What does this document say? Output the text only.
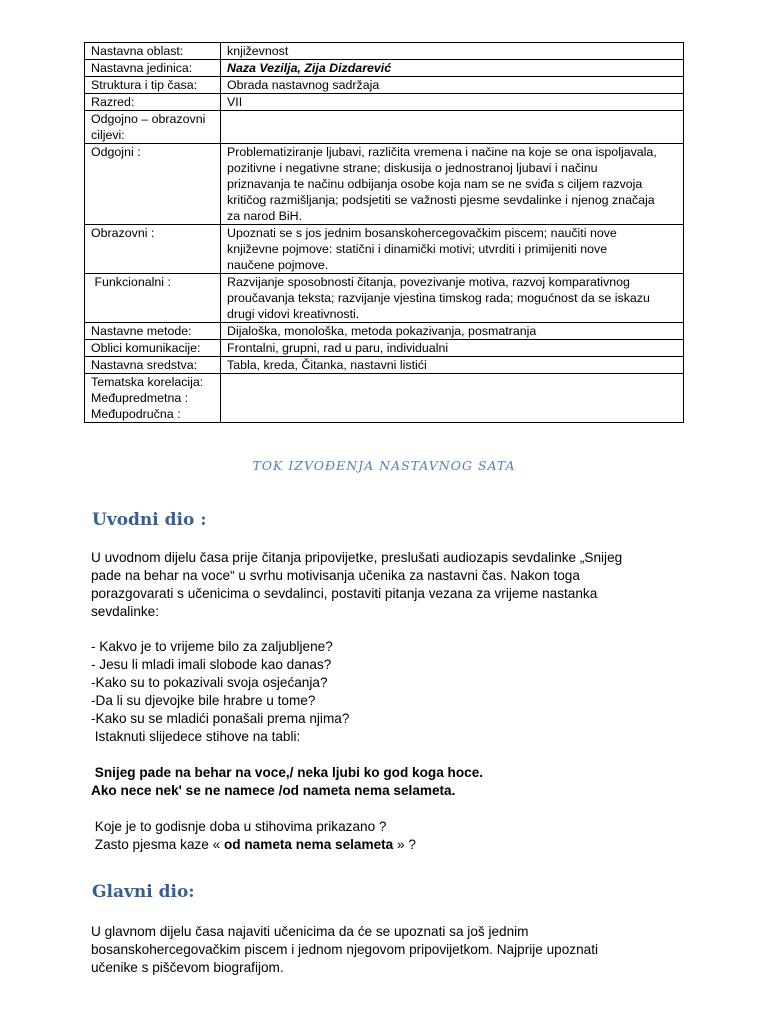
Nastavna oblast:	književnost
Nastavna jedinica:	Naza Vezilja, Zija Dizdarević
Struktura i tip časa:	Obrada nastavnog sadržaja
Razred:	VII
Odgojno – obrazovni
ciljevi:	
Odgojni :	Problematiziranje ljubavi, različita vremena i načine na koje se ona ispoljavala,
pozitivne i negativne strane; diskusija o jednostranoj ljubavi i načinu
priznavanja te načinu odbijanja osobe koja nam se ne sviđa s ciljem razvoja
kritičog razmišljanja; podsjetiti se važnosti pjesme sevdalinke i njenog značaja
za narod BiH.
Obrazovni :	Upoznati se s jos jednim bosanskohercegovačkim piscem; naučiti nove
književne pojmove: statični i dinamički motivi; utvrditi i primijeniti nove
naučene pojmove.
Funkcionalni :	Razvijanje sposobnosti čitanja, povezivanje motiva, razvoj komparativnog
proučavanja teksta; razvijanje vjestina timskog rada; mogućnost da se iskazu
drugi vidovi kreativnosti.
Nastavne metode:	Dijaloška, monološka, metoda pokazivanja, posmatranja
Oblici komunikacije:	Frontalni, grupni, rad u paru, individualni
Nastavna sredstva:	Tabla, kreda, Čitanka, nastavni listići
Tematska korelacija:
Međupredmetna :
Međupodručna :	
TOK IZVOĐENJA NASTAVNOG SATA
Uvodni dio :
U uvodnom dijelu časa prije čitanja pripovijetke, preslušati audiozapis sevdalinke „Snijeg
pade na behar na voce“ u svrhu motivisanja učenika za nastavni čas. Nakon toga
porazgovarati s učenicima o sevdalinci, postaviti pitanja vezana za vrijeme nastanka
sevdalinke:
- Kakvo je to vrijeme bilo za zaljubljene?
- Jesu li mladi imali slobode kao danas?
-Kako su to pokazivali svoja osjećanja?
-Da li su djevojke bile hrabre u tome?
-Kako su se mladići ponašali prema njima?
Istaknuti slijedece stihove na tabli:
Snijeg pade na behar na voce,/ neka ljubi ko god koga hoce.
Ako nece nek' se ne namece /od nameta nema selameta.
Koje je to godisnje doba u stihovima prikazano ?
Zasto pjesma kaze « od nameta nema selameta » ?
Glavni dio:
U glavnom dijelu časa najaviti učenicima da će se upoznati sa još jednim
bosanskohercegovačkim piscem i jednom njegovom pripovijetkom. Najprije upoznati
učenike s piščevom biografijom.
